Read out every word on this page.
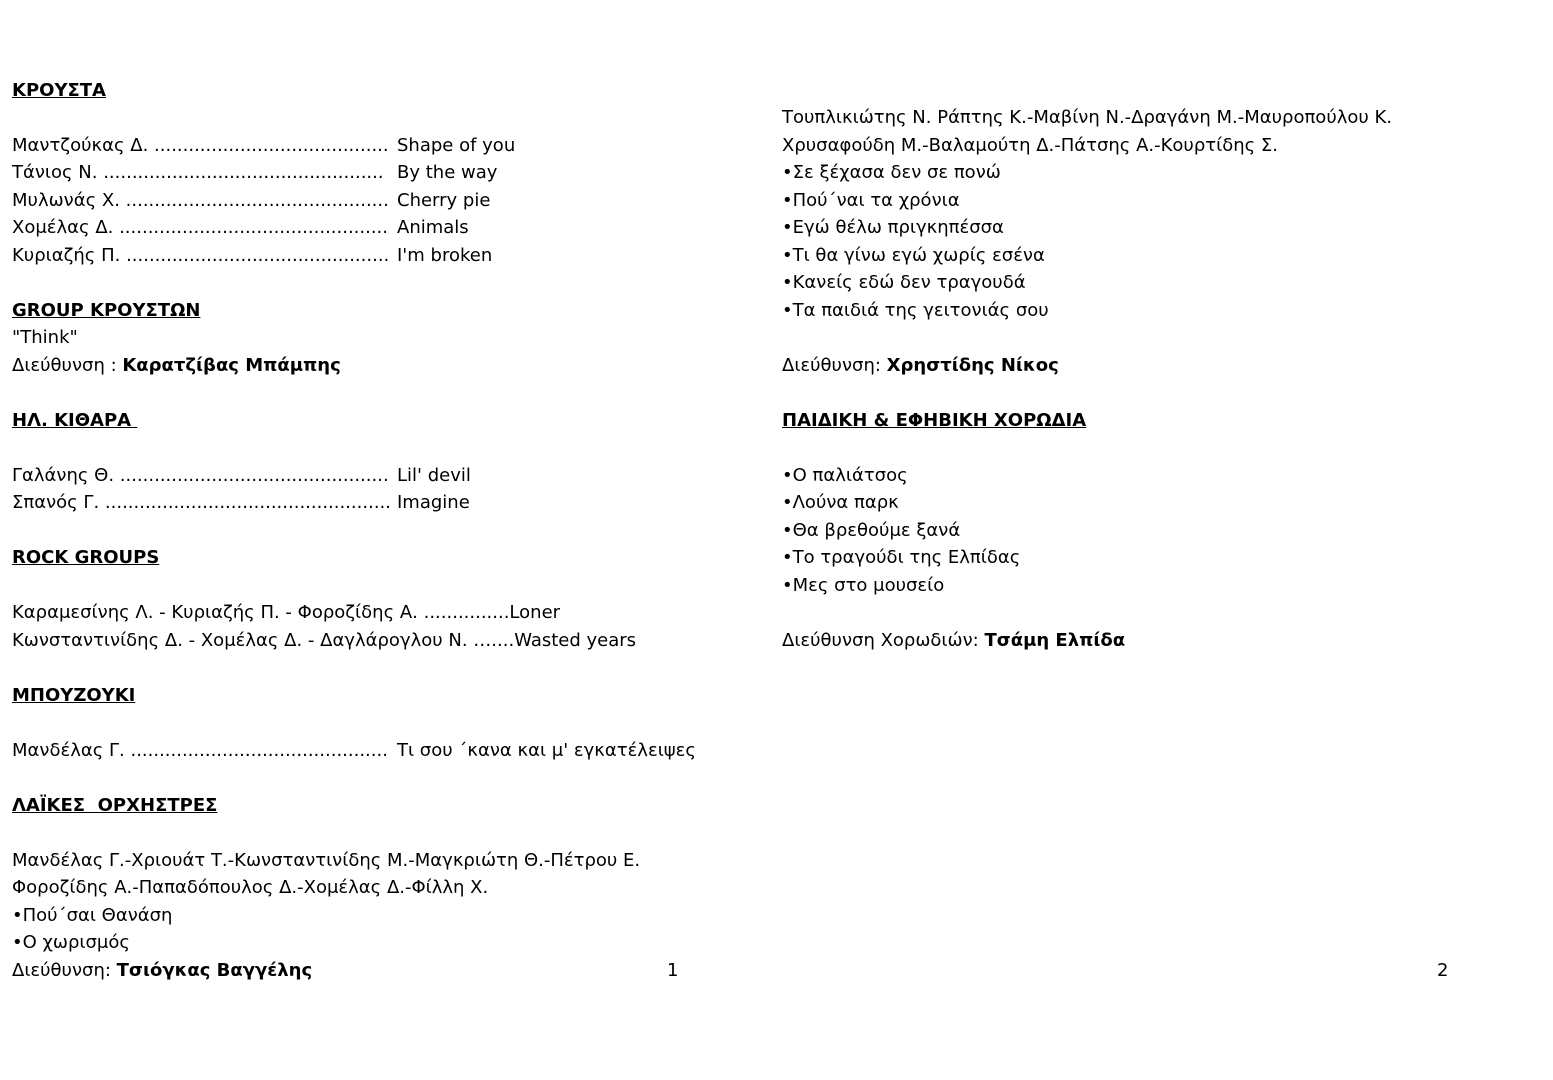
ΚΡΟΥΣΤΑ
Μαντζούκας Δ. ......................................... Shape of you
Τάνιος Ν. ................................................. By the way
Μυλωνάς Χ. .............................................. Cherry pie
Χομέλας Δ. ............................................... Animals
Κυριαζής Π. .............................................. I'm broken
GROUP ΚΡΟΥΣΤΩΝ
"Think"
Διεύθυνση : Καρατζίβας Μπάμπης
ΗΛ. ΚΙΘΑΡΑ
Γαλάνης Θ. ............................................... Lil' devil
Σπανός Γ. .................................................. Imagine
ROCK GROUPS
Καραμεσίνης Λ. - Κυριαζής Π. - Φοροζίδης Α. ...............Loner
Κωνσταντινίδης Δ. - Χομέλας Δ. - Δαγλάρογλου Ν. …....Wasted years
ΜΠΟΥΖΟΥΚΙ
Μανδέλας Γ. ............................................. Τι σου ΄κανα και μ' εγκατέλειψες
ΛΑΪΚΕΣ  ΟΡΧΗΣΤΡΕΣ
Μανδέλας Γ.-Χριουάτ Τ.-Κωνσταντινίδης Μ.-Μαγκριώτη Θ.-Πέτρου Ε.
Φοροζίδης Α.-Παπαδόπουλος Δ.-Χομέλας Δ.-Φίλλη Χ.
•Πού΄σαι Θανάση
•Ο χωρισμός
Διεύθυνση: Τσιόγκας Βαγγέλης	1
Τουπλικιώτης Ν. Ράπτης Κ.-Μαβίνη Ν.-Δραγάνη Μ.-Μαυροπούλου Κ.
Χρυσαφούδη Μ.-Βαλαμούτη Δ.-Πάτσης Α.-Κουρτίδης Σ.
•Σε ξέχασα δεν σε πονώ
•Πού΄ναι τα χρόνια
•Εγώ θέλω πριγκηπέσσα
•Τι θα γίνω εγώ χωρίς εσένα
•Κανείς εδώ δεν τραγουδά
•Τα παιδιά της γειτονιάς σου
Διεύθυνση: Χρηστίδης Νίκος
ΠΑΙΔΙΚΗ & ΕΦΗΒΙΚΗ ΧΟΡΩΔΙΑ
•Ο παλιάτσος
•Λούνα παρκ
•Θα βρεθούμε ξανά
•Το τραγούδι της Ελπίδας
•Μες στο μουσείο
Διεύθυνση Χορωδιών: Τσάμη Ελπίδα
2
